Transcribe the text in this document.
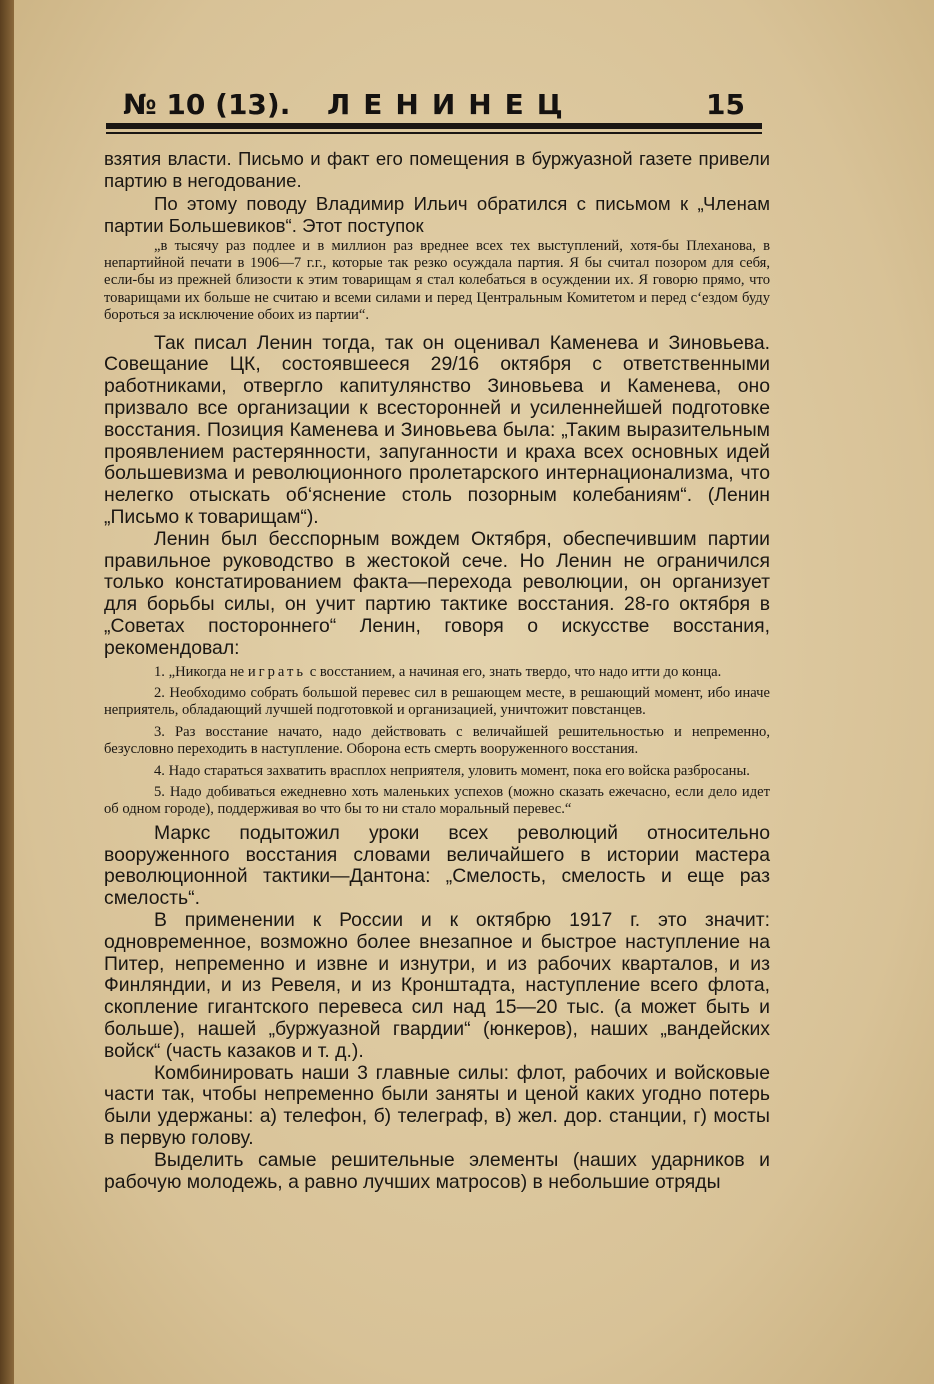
№ 10 (13). ЛЕНИНЕЦ	15

взятия власти. Письмо и факт его помещения в буржуазной газете привели партию в негодование.

По этому поводу Владимир Ильич обратился с письмом к „Членам партии Большевиков“. Этот поступок

„в тысячу раз подлее и в миллион раз вреднее всех тех выступлений, хотя-бы Плеханова, в непартийной печати в 1906—7 г.г., которые так резко осуждала партия. Я бы считал позором для себя, если-бы из прежней близости к этим товарищам я стал колебаться в осуждении их. Я говорю прямо, что товарищами их больше не считаю и всеми силами и перед Центральным Комитетом и перед с‘ездом буду бороться за исключение обоих из партии“.

Так писал Ленин тогда, так он оценивал Каменева и Зиновьева. Совещание ЦК, состоявшееся 29/16 октября с ответственными работниками, отвергло капитулянство Зиновьева и Каменева, оно призвало все организации к всесторонней и усиленнейшей подготовке восстания. Позиция Каменева и Зиновьева была: „Таким выразительным проявлением растерянности, запуганности и краха всех основных идей большевизма и революционного пролетарского интернационализма, что нелегко отыскать об‘яснение столь позорным колебаниям“. (Ленин „Письмо к товарищам“).

Ленин был бесспорным вождем Октября, обеспечившим партии правильное руководство в жестокой сече. Но Ленин не ограничился только констатированием факта—перехода революции, он организует для борьбы силы, он учит партию тактике восстания. 28-го октября в „Советах постороннего“ Ленин, говоря о искусстве восстания, рекомендовал:

1. „Никогда не играть с восстанием, а начиная его, знать твердо, что надо итти до конца.

2. Необходимо собрать большой перевес сил в решающем месте, в решающий момент, ибо иначе неприятель, обладающий лучшей подготовкой и организацией, уничтожит повстанцев.

3. Раз восстание начато, надо действовать с величайшей решительностью и непременно, безусловно переходить в наступление. Оборона есть смерть вооруженного восстания.

4. Надо стараться захватить врасплох неприятеля, уловить момент, пока его войска разбросаны.

5. Надо добиваться ежедневно хоть маленьких успехов (можно сказать ежечасно, если дело идет об одном городе), поддерживая во что бы то ни стало моральный перевес.“

Маркс подытожил уроки всех революций относительно вооруженного восстания словами величайшего в истории мастера революционной тактики—Дантона: „Смелость, смелость и еще раз смелость“.

В применении к России и к октябрю 1917 г. это значит: одновременное, возможно более внезапное и быстрое наступление на Питер, непременно и извне и изнутри, и из рабочих кварталов, и из Финляндии, и из Ревеля, и из Кронштадта, наступление всего флота, скопление гигантского перевеса сил над 15—20 тыс. (а может быть и больше), нашей „буржуазной гвардии“ (юнкеров), наших „вандейских войск“ (часть казаков и т. д.).

Комбинировать наши 3 главные силы: флот, рабочих и войсковые части так, чтобы непременно были заняты и ценой каких угодно потерь были удержаны: а) телефон, б) телеграф, в) жел. дор. станции, г) мосты в первую голову.

Выделить самые решительные элементы (наших ударников и рабочую молодежь, а равно лучших матросов) в небольшие отряды
